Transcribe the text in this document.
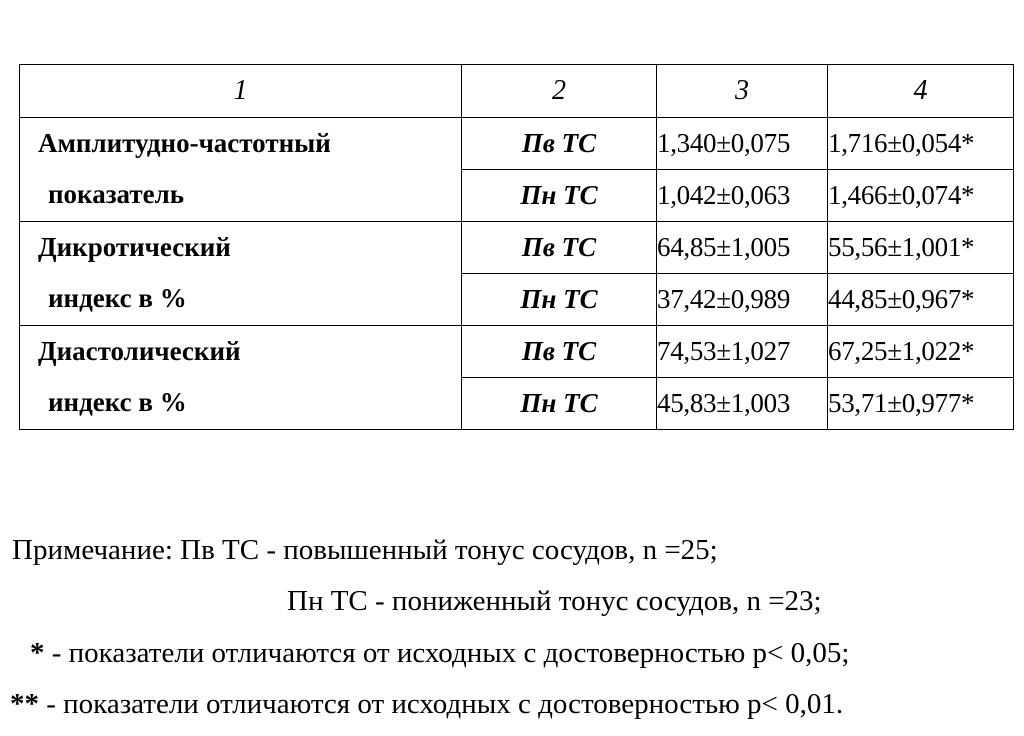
1	2	3	4

Амплитудно-частотный
показатель	Пв ТС	1,340±0,075	1,716±0,054*
	Пн ТС	1,042±0,063	1,466±0,074*

Дикротический
индекс в %	Пв ТС	64,85±1,005	55,56±1,001*
	Пн ТС	37,42±0,989	44,85±0,967*

Диастолический
индекс в %	Пв ТС	74,53±1,027	67,25±1,022*
	Пн ТС	45,83±1,003	53,71±0,977*
Примечание: Пв ТС - повышенный тонус сосудов, n =25;
Пн ТС - пониженный тонус сосудов, n =23;
* - показатели отличаются от исходных с достоверностью p< 0,05;
** - показатели отличаются от исходных с достоверностью p< 0,01.
